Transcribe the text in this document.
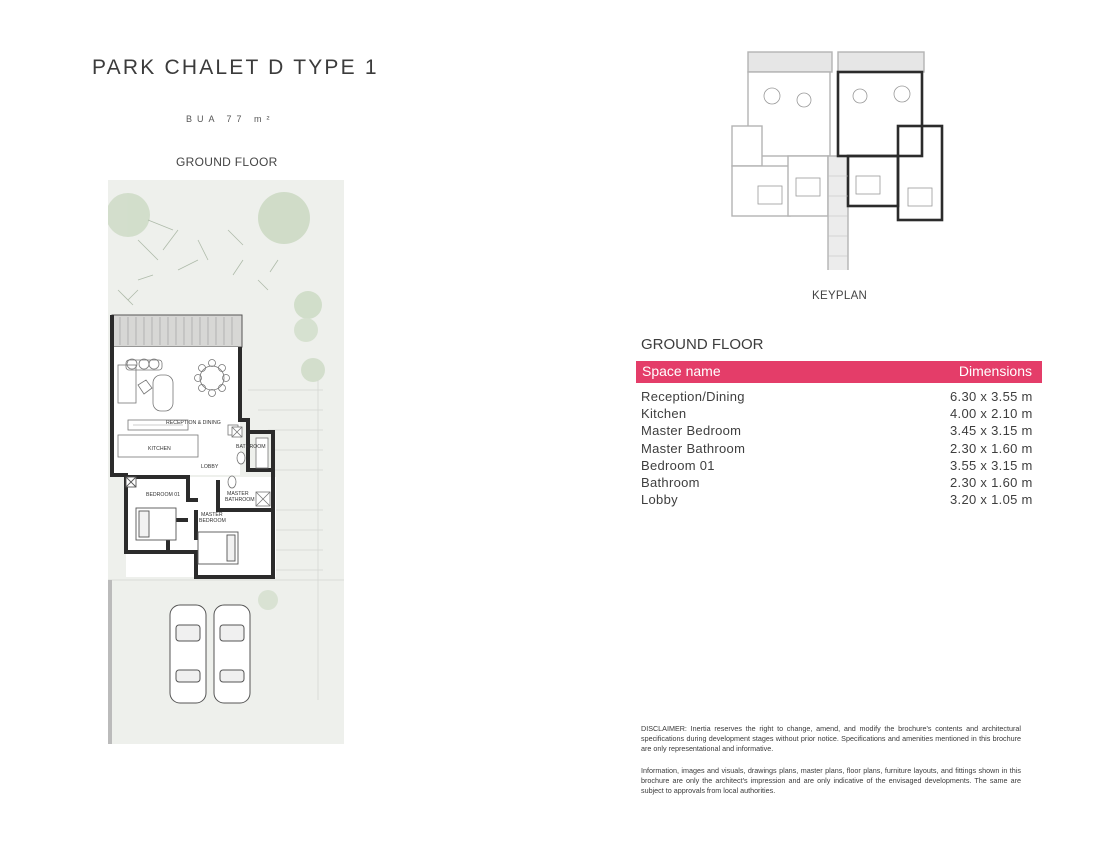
PARK CHALET D TYPE 1
BUA 77 m²
GROUND FLOOR
RECEPTION & DINING
KITCHEN	BATHROOM
LOBBY
BEDROOM 01	MASTER
BATHROOM
MASTER
BEDROOM
KEYPLAN
GROUND FLOOR
Space name	Dimensions
Reception/Dining	6.30 x 3.55 m
Kitchen	4.00 x 2.10 m
Master Bedroom	3.45 x 3.15 m
Master Bathroom	2.30 x 1.60 m
Bedroom 01	3.55 x 3.15 m
Bathroom	2.30 x 1.60 m
Lobby	3.20 x 1.05 m

DISCLAIMER: Inertia reserves the right to change, amend, and modify the brochure's contents and architectural specifications during development stages without prior notice. Specifications and amenities mentioned in this brochure are only representational and informative.

Information, images and visuals, drawings plans, master plans, floor plans, furniture layouts, and fittings shown in this brochure are only the architect's impression and are only indicative of the envisaged developments. The same are subject to approvals from local authorities.
